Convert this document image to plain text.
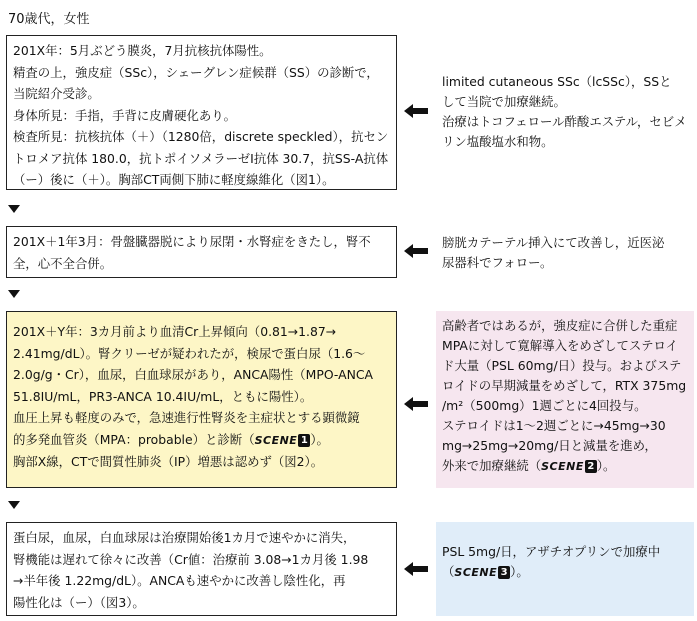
70歳代，女性
201X年：5月ぶどう膜炎，7月抗核抗体陽性。
精査の上，強皮症（SSc），シェーグレン症候群（SS）の診断で，
当院紹介受診。
身体所見：手指，手背に皮膚硬化あり。
検査所見：抗核抗体（＋）（1280倍，discrete speckled），抗セン
トロメア抗体 180.0，抗トポイソメラーゼⅠ抗体 30.7，抗SS-A抗体
（ー）後に（＋）。胸部CT両側下肺に軽度線維化（図1）。
limited cutaneous SSc（lcSSc），SSと
して当院で加療継続。
治療はトコフェロール酢酸エステル，セビメ
リン塩酸塩水和物。
201X＋1年3月：骨盤臓器脱により尿閉・水腎症をきたし，腎不
全，心不全合併。
膀胱カテーテル挿入にて改善し，近医泌
尿器科でフォロー。
201X＋Y年：3カ月前より血清Cr上昇傾向（0.81→1.87→
2.41mg/dL）。腎クリーゼが疑われたが，検尿で蛋白尿（1.6〜
2.0g/g・Cr），血尿，白血球尿があり，ANCA陽性（MPO-ANCA
51.8IU/mL，PR3-ANCA 10.4IU/mL，ともに陽性）。
血圧上昇も軽度のみで，急速進行性腎炎を主症状とする顕微鏡
的多発血管炎（MPA：probable）と診断（SCENE 1 ）。
胸部X線，CTで間質性肺炎（IP）増悪は認めず（図2）。
高齢者ではあるが，強皮症に合併した重症
MPAに対して寛解導入をめざしてステロイ
ド大量（PSL 60mg/日）投与。およびステ
ロイドの早期減量をめざして，RTX 375mg
/m²（500mg）1週ごとに4回投与。
ステロイドは1〜2週ごとに→45mg→30
mg→25mg→20mg/日と減量を進め，
外来で加療継続（SCENE 2 ）。
蛋白尿，血尿，白血球尿は治療開始後1カ月で速やかに消失，
腎機能は遅れて徐々に改善（Cr値：治療前 3.08→1カ月後 1.98
→半年後 1.22mg/dL）。ANCAも速やかに改善し陰性化，再
陽性化は（ー）（図3）。
PSL 5mg/日，アザチオプリンで加療中
（SCENE 3 ）。
